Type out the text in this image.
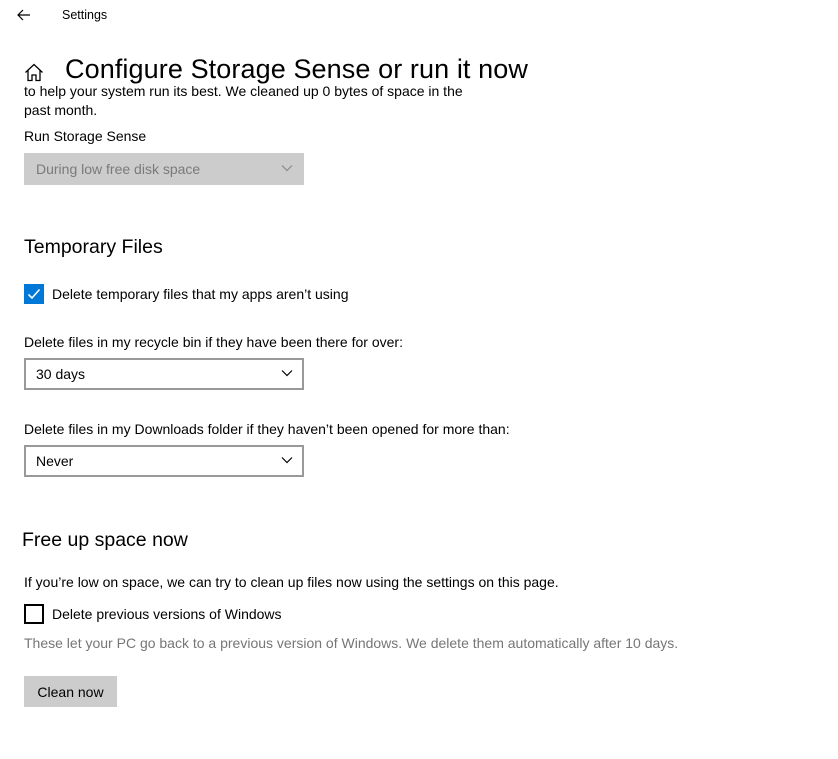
Settings
Configure Storage Sense or run it now
to help your system run its best. We cleaned up 0 bytes of space in the
past month.
Run Storage Sense
During low free disk space
Temporary Files
Delete temporary files that my apps aren’t using
Delete files in my recycle bin if they have been there for over:
30 days
Delete files in my Downloads folder if they haven’t been opened for more than:
Never
Free up space now
If you’re low on space, we can try to clean up files now using the settings on this page.
Delete previous versions of Windows
These let your PC go back to a previous version of Windows. We delete them automatically after 10 days.
Clean now
